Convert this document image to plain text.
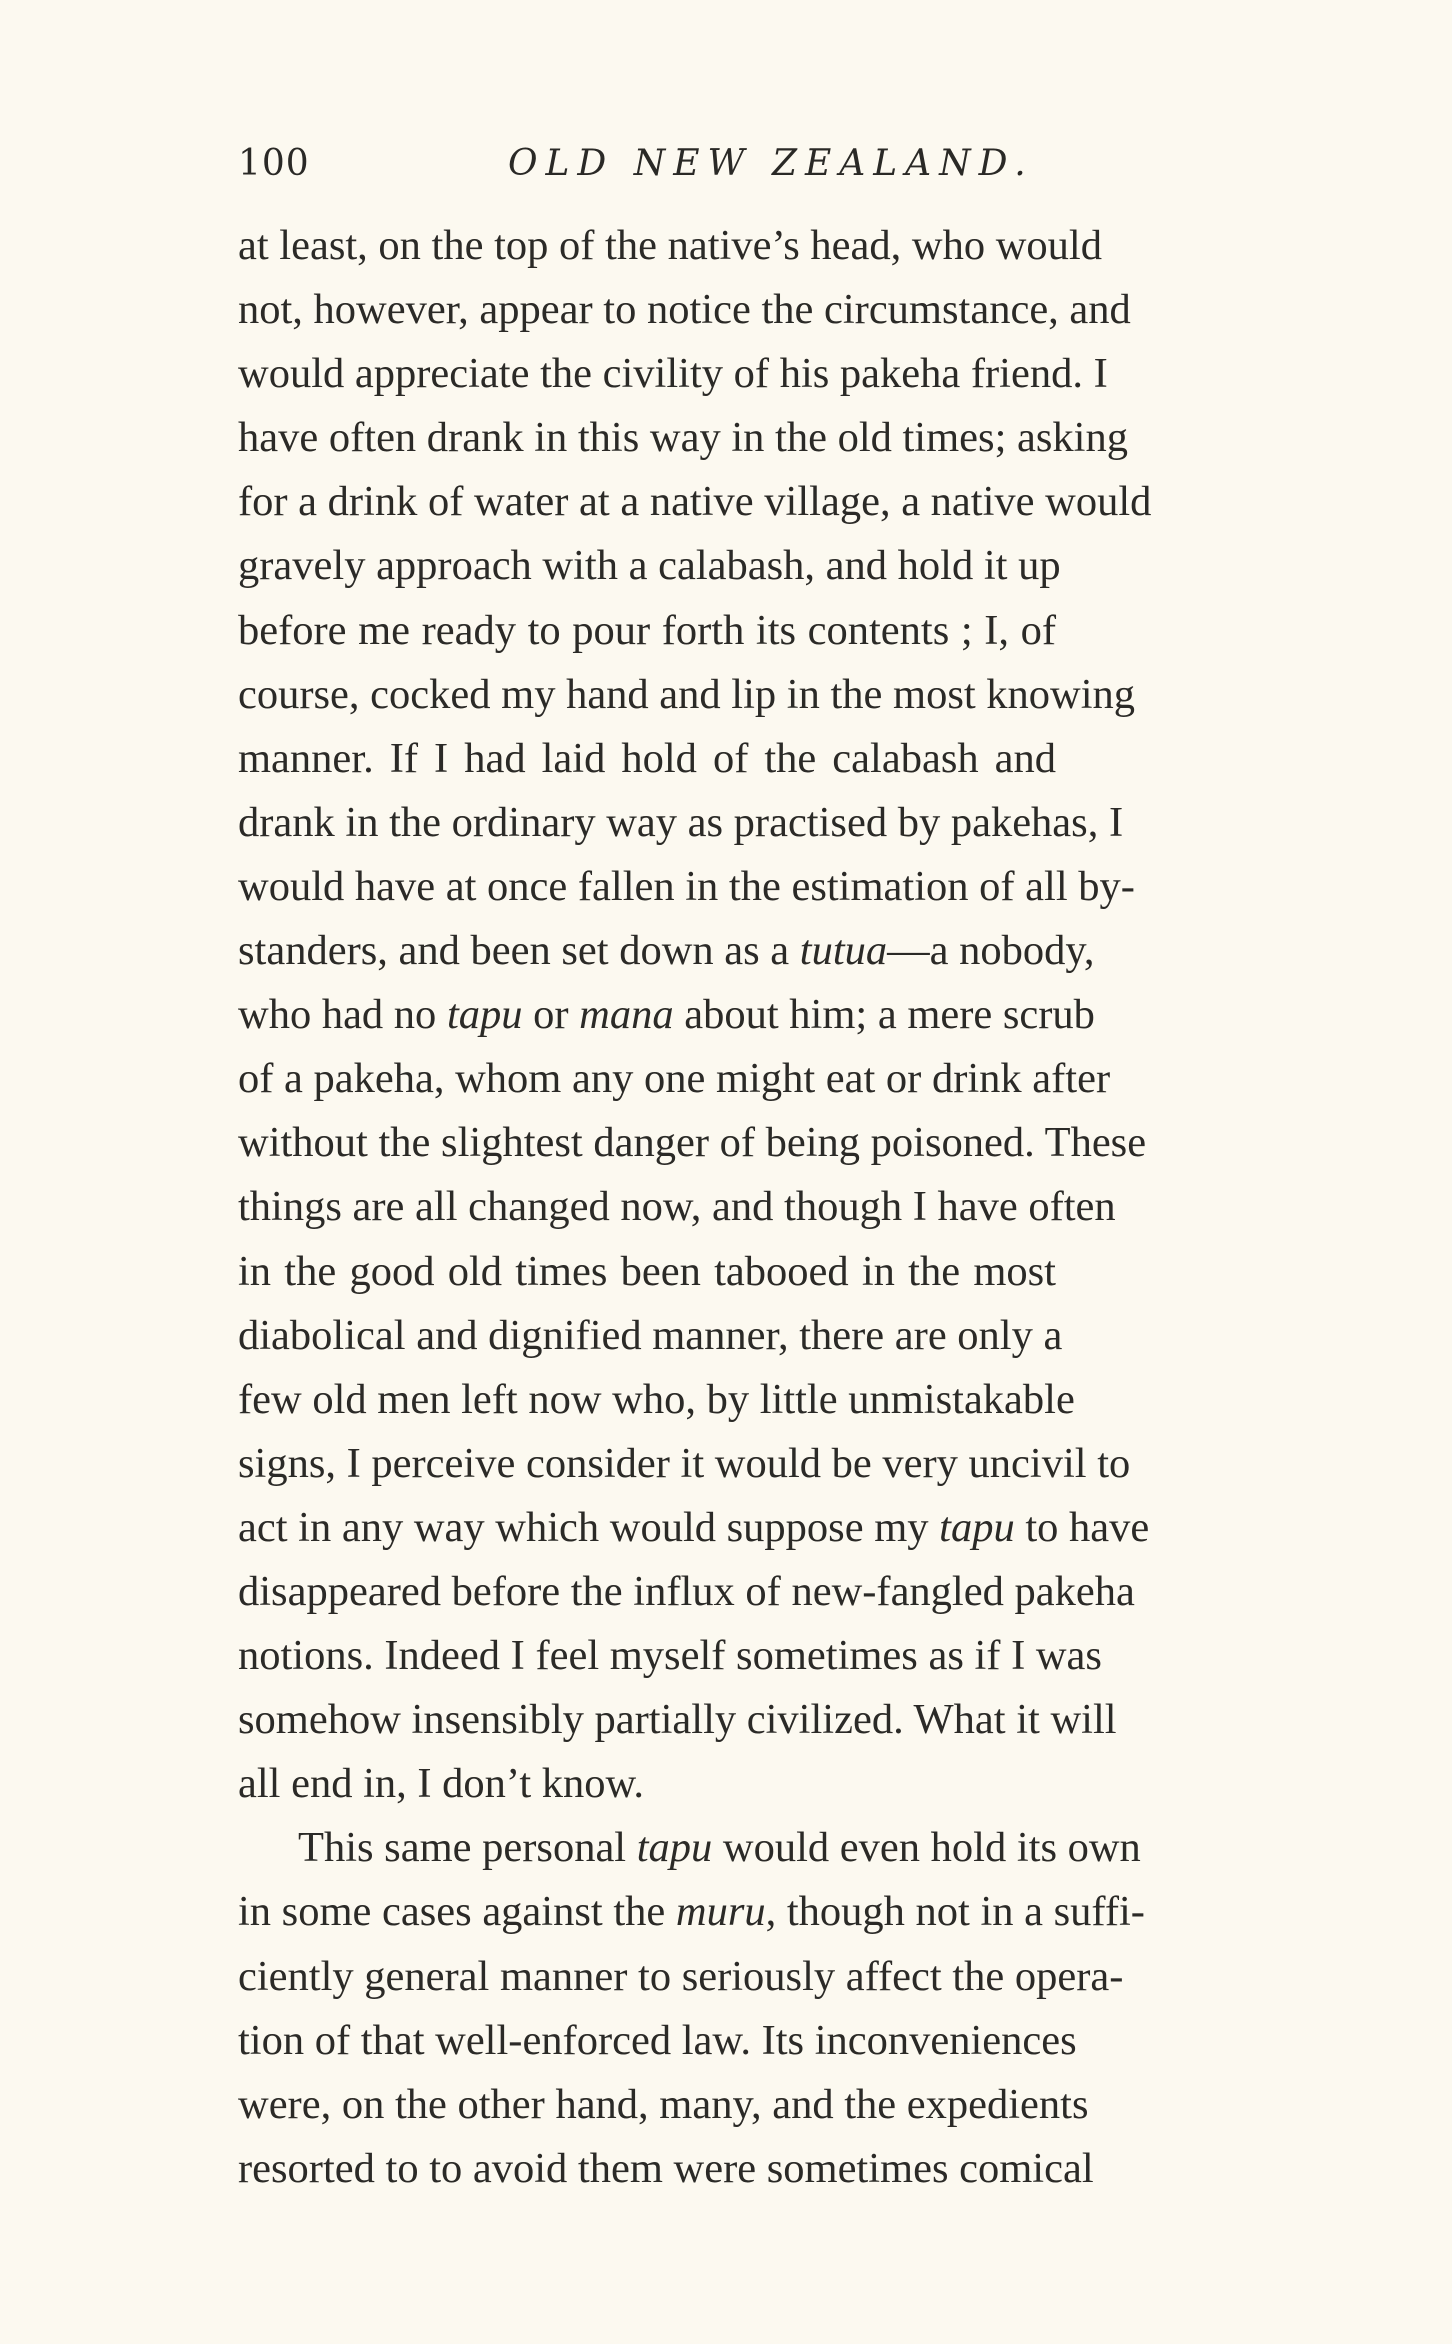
100	OLD NEW ZEALAND.
at least, on the top of the native’s head, who would
not, however, appear to notice the circumstance, and
would appreciate the civility of his pakeha friend. I
have often drank in this way in the old times; asking
for a drink of water at a native village, a native would
gravely approach with a calabash, and hold it up
before me ready to pour forth its contents ; I, of
course, cocked my hand and lip in the most knowing
manner. If I had laid hold of the calabash and
drank in the ordinary way as practised by pakehas, I
would have at once fallen in the estimation of all by-
standers, and been set down as a tutua—a nobody,
who had no tapu or mana about him; a mere scrub
of a pakeha, whom any one might eat or drink after
without the slightest danger of being poisoned. These
things are all changed now, and though I have often
in the good old times been tabooed in the most
diabolical and dignified manner, there are only a
few old men left now who, by little unmistakable
signs, I perceive consider it would be very uncivil to
act in any way which would suppose my tapu to have
disappeared before the influx of new-fangled pakeha
notions. Indeed I feel myself sometimes as if I was
somehow insensibly partially civilized. What it will
all end in, I don’t know.
This same personal tapu would even hold its own
in some cases against the muru, though not in a suffi-
ciently general manner to seriously affect the opera-
tion of that well-enforced law. Its inconveniences
were, on the other hand, many, and the expedients
resorted to to avoid them were sometimes comical
